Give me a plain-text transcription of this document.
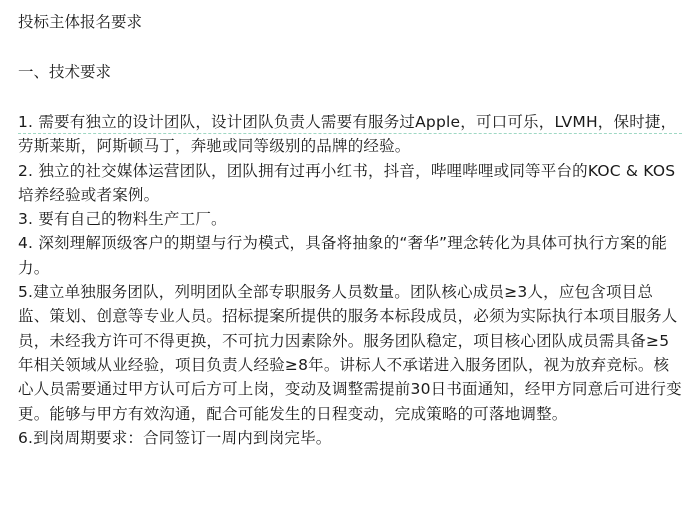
投标主体报名要求

一、技术要求

1. 需要有独立的设计团队，设计团队负责人需要有服务过Apple，可口可乐，LVMH，保时捷，劳斯莱斯，阿斯顿马丁，奔驰或同等级别的品牌的经验。

2. 独立的社交媒体运营团队，团队拥有过再小红书，抖音，哔哩哔哩或同等平台的KOC & KOS 培养经验或者案例。

3. 要有自己的物料生产工厂。

4. 深刻理解顶级客户的期望与行为模式，具备将抽象的“奢华”理念转化为具体可执行方案的能力。

5.建立单独服务团队，列明团队全部专职服务人员数量。团队核心成员≥3人，应包含项目总监、策划、创意等专业人员。招标提案所提供的服务本标段成员，必须为实际执行本项目服务人员，未经我方许可不得更换，不可抗力因素除外。服务团队稳定，项目核心团队成员需具备≥5年相关领域从业经验，项目负责人经验≥8年。讲标人不承诺进入服务团队，视为放弃竞标。核心人员需要通过甲方认可后方可上岗，变动及调整需提前30日书面通知，经甲方同意后可进行变更。能够与甲方有效沟通，配合可能发生的日程变动，完成策略的可落地调整。

6.到岗周期要求：合同签订一周内到岗完毕。
